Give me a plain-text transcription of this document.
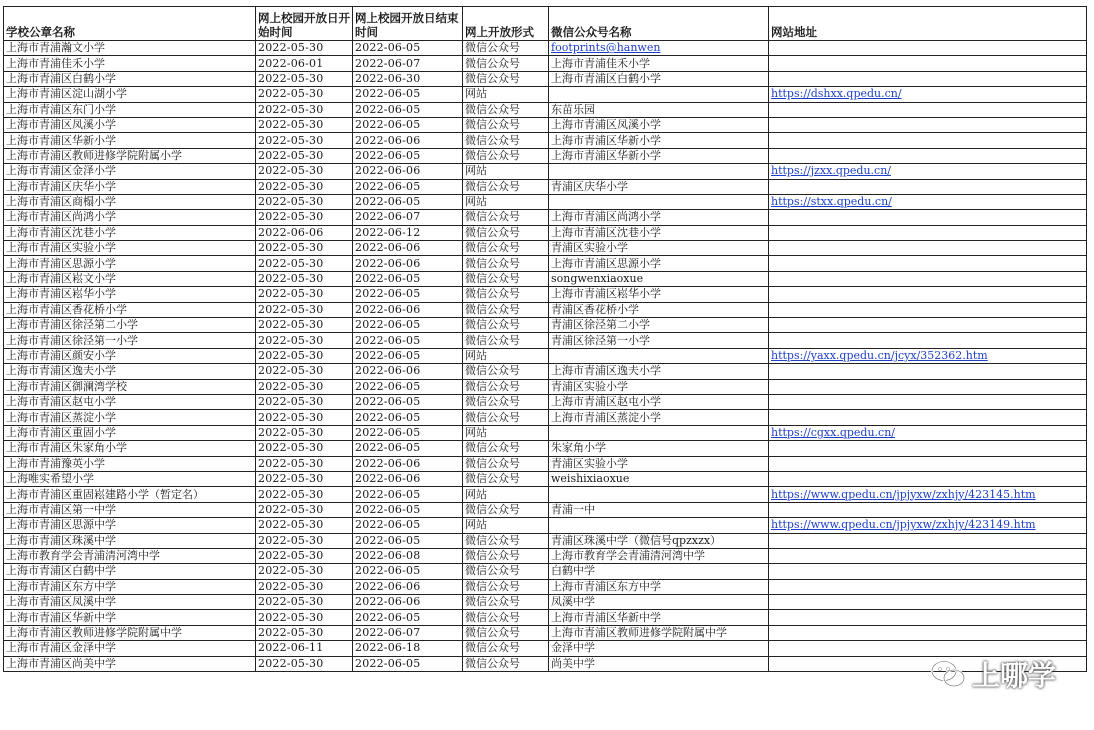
学校公章名称	网上校园开放日开始时间	网上校园开放日结束时间	网上开放形式	微信公众号名称	网站地址
上海市青浦瀚文小学	2022-05-30	2022-06-05	微信公众号	footprints@hanwen	
上海市青浦佳禾小学	2022-06-01	2022-06-07	微信公众号	上海市青浦佳禾小学	
上海市青浦区白鹤小学	2022-05-30	2022-06-30	微信公众号	上海市青浦区白鹤小学	
上海市青浦区淀山湖小学	2022-05-30	2022-06-05	网站		https://dshxx.qpedu.cn/
上海市青浦区东门小学	2022-05-30	2022-06-05	微信公众号	东苗乐园	
上海市青浦区凤溪小学	2022-05-30	2022-06-05	微信公众号	上海市青浦区凤溪小学	
上海市青浦区华新小学	2022-05-30	2022-06-06	微信公众号	上海市青浦区华新小学	
上海市青浦区教师进修学院附属小学	2022-05-30	2022-06-05	微信公众号	上海市青浦区华新小学	
上海市青浦区金泽小学	2022-05-30	2022-06-06	网站		https://jzxx.qpedu.cn/
上海市青浦区庆华小学	2022-05-30	2022-06-05	微信公众号	青浦区庆华小学	
上海市青浦区商榻小学	2022-05-30	2022-06-05	网站		https://stxx.qpedu.cn/
上海市青浦区尚鸿小学	2022-05-30	2022-06-07	微信公众号	上海市青浦区尚鸿小学	
上海市青浦区沈巷小学	2022-06-06	2022-06-12	微信公众号	上海市青浦区沈巷小学	
上海市青浦区实验小学	2022-05-30	2022-06-06	微信公众号	青浦区实验小学	
上海市青浦区思源小学	2022-05-30	2022-06-06	微信公众号	上海市青浦区思源小学	
上海市青浦区崧文小学	2022-05-30	2022-06-05	微信公众号	songwenxiaoxue	
上海市青浦区崧华小学	2022-05-30	2022-06-05	微信公众号	上海市青浦区崧华小学	
上海市青浦区香花桥小学	2022-05-30	2022-06-06	微信公众号	青浦区香花桥小学	
上海市青浦区徐泾第二小学	2022-05-30	2022-06-05	微信公众号	青浦区徐泾第二小学	
上海市青浦区徐泾第一小学	2022-05-30	2022-06-05	微信公众号	青浦区徐泾第一小学	
上海市青浦区颜安小学	2022-05-30	2022-06-05	网站		https://yaxx.qpedu.cn/jcyx/352362.htm
上海市青浦区逸夫小学	2022-05-30	2022-06-06	微信公众号	上海市青浦区逸夫小学	
上海市青浦区御澜湾学校	2022-05-30	2022-06-05	微信公众号	青浦区实验小学	
上海市青浦区赵屯小学	2022-05-30	2022-06-05	微信公众号	上海市青浦区赵屯小学	
上海市青浦区蒸淀小学	2022-05-30	2022-06-05	微信公众号	上海市青浦区蒸淀小学	
上海市青浦区重固小学	2022-05-30	2022-06-05	网站		https://cgxx.qpedu.cn/
上海市青浦区朱家角小学	2022-05-30	2022-06-05	微信公众号	朱家角小学	
上海市青浦豫英小学	2022-05-30	2022-06-06	微信公众号	青浦区实验小学	
上海唯实希望小学	2022-05-30	2022-06-06	微信公众号	weishixiaoxue	
上海市青浦区重固崧建路小学（暂定名）	2022-05-30	2022-06-05	网站		https://www.qpedu.cn/jpjyxw/zxhjy/423145.htm
上海市青浦区第一中学	2022-05-30	2022-06-05	微信公众号	青浦一中	
上海市青浦区思源中学	2022-05-30	2022-06-05	网站		https://www.qpedu.cn/jpjyxw/zxhjy/423149.htm
上海市青浦区珠溪中学	2022-05-30	2022-06-05	微信公众号	青浦区珠溪中学（微信号qpzxzx）	
上海市教育学会青浦清河湾中学	2022-05-30	2022-06-08	微信公众号	上海市教育学会青浦清河湾中学	
上海市青浦区白鹤中学	2022-05-30	2022-06-05	微信公众号	白鹤中学	
上海市青浦区东方中学	2022-05-30	2022-06-06	微信公众号	上海市青浦区东方中学	
上海市青浦区凤溪中学	2022-05-30	2022-06-06	微信公众号	凤溪中学	
上海市青浦区华新中学	2022-05-30	2022-06-05	微信公众号	上海市青浦区华新中学	
上海市青浦区教师进修学院附属中学	2022-05-30	2022-06-07	微信公众号	上海市青浦区教师进修学院附属中学	
上海市青浦区金泽中学	2022-06-11	2022-06-18	微信公众号	金泽中学	
上海市青浦区尚美中学	2022-05-30	2022-06-05	微信公众号	尚美中学		上哪学
